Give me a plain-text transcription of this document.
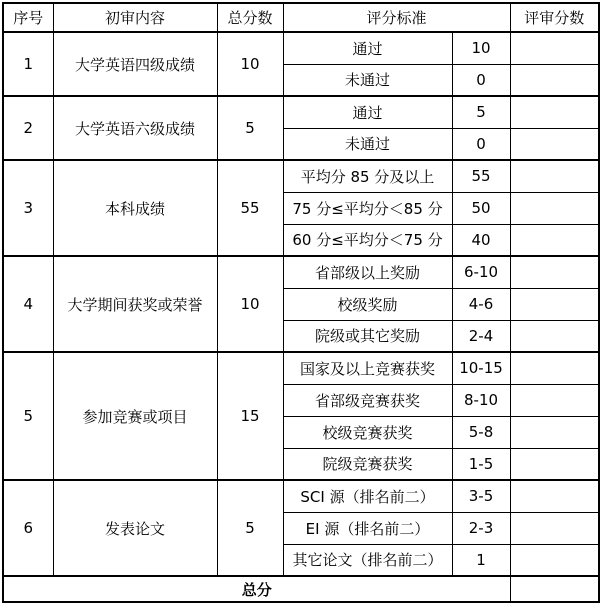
序号	初审内容	总分数	评分标准		评审分数
1	大学英语四级成绩	10	通过	10	
			未通过	0	
2	大学英语六级成绩	5	通过	5	
			未通过	0	
3	本科成绩	55	平均分 85 分及以上	55	
			75 分≤平均分＜85 分	50	
			60 分≤平均分＜75 分	40	
4	大学期间获奖或荣誉	10	省部级以上奖励	6-10	
			校级奖励	4-6	
			院级或其它奖励	2-4	
5	参加竞赛或项目	15	国家及以上竞赛获奖	10-15	
			省部级竞赛获奖	8-10	
			校级竞赛获奖	5-8	
			院级竞赛获奖	1-5	
6	发表论文	5	SCI 源（排名前二）	3-5	
			EI 源（排名前二）	2-3	
			其它论文（排名前二）	1	
总分					
